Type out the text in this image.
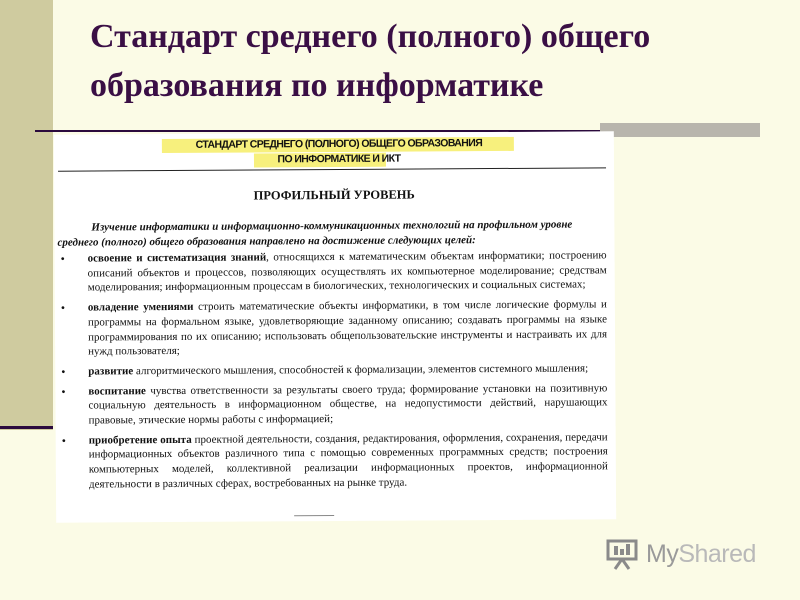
Стандарт среднего (полного) общего образования по информатике
СТАНДАРТ СРЕДНЕГО (ПОЛНОГО) ОБЩЕГО ОБРАЗОВАНИЯ
ПО ИНФОРМАТИКЕ И ИКТ
ПРОФИЛЬНЫЙ УРОВЕНЬ

Изучение информатики и информационно-коммуникационных технологий на профильном уровне среднего (полного) общего образования направлено на достижение следующих целей:

• освоение и систематизация знаний, относящихся к математическим объектам информатики; построению описаний объектов и процессов, позволяющих осуществлять их компьютерное моделирование; средствам моделирования; информационным процессам в биологических, технологических и социальных системах;
• овладение умениями строить математические объекты информатики, в том числе логические формулы и программы на формальном языке, удовлетворяющие заданному описанию; создавать программы на языке программирования по их описанию; использовать общепользовательские инструменты и настраивать их для нужд пользователя;
• развитие алгоритмического мышления, способностей к формализации, элементов системного мышления;
• воспитание чувства ответственности за результаты своего труда; формирование установки на позитивную социальную деятельность в информационном обществе, на недопустимости действий, нарушающих правовые, этические нормы работы с информацией;
• приобретение опыта проектной деятельности, создания, редактирования, оформления, сохранения, передачи информационных объектов различного типа с помощью современных программных средств; построения компьютерных моделей, коллективной реализации информационных проектов, информационной деятельности в различных сферах, востребованных на рынке труда.
MyShared
